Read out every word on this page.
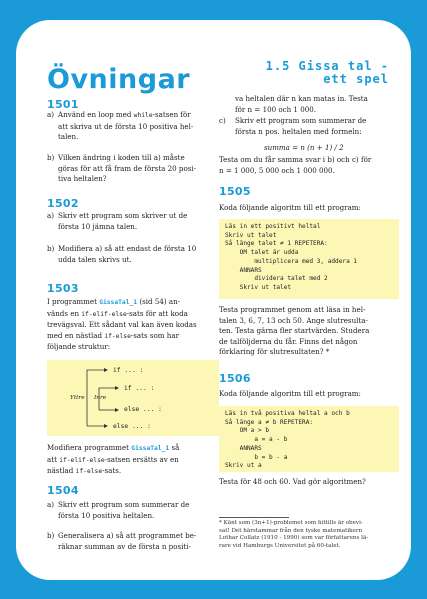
Övningar	1.5 Gissa tal -
ett spel
1501
a) Använd en loop med while-satsen för
att skriva ut de första 10 positiva hel-
talen.
b) Vilken ändring i koden till a) måste
göras för att få fram de första 20 posi-
tiva heltalen?
1502
a) Skriv ett program som skriver ut de
första 10 jämna talen.
b) Modifiera a) så att endast de första 10
udda talen skrivs ut.
1503
I programmet GissaTal_1 (sid 54) an-
vänds en if-elif-else-sats för att koda
trevägsval. Ett sådant val kan även kodas
med en nästlad if-else-sats som har
följande struktur:
if ... :
if ... :
else ... :
else ... :
Yttre Inre
Modifiera programmet GissaTal_1 så
att if-elif-else-satsen ersätts av en
nästlad if-else-sats.
1504
a) Skriv ett program som summerar de
första 10 positiva heltalen.
b) Generalisera a) så att programmet be-
räknar summan av de första n positi-
va heltalen där n kan matas in. Testa
för n = 100 och 1 000.
c) Skriv ett program som summerar de
första n pos. heltalen med formeln:
summa = n (n + 1) / 2
Testa om du får samma svar i b) och c) för
n = 1 000, 5 000 och 1 000 000.
1505
Koda följande algoritm till ett program:
Läs in ett positivt heltal
Skriv ut talet
Så länge talet ≠ 1 REPETERA:
OM talet är udda
multiplicera med 3, addera 1
ANNARS
dividera talet med 2
Skriv ut talet
Testa programmet genom att läsa in hel-
talen 3, 6, 7, 13 och 50. Ange slutresulta-
ten. Testa gärna fler startvärden. Studera
de talföljderna du får. Finns det någon
förklaring för slutresultaten? *
1506
Koda följande algoritm till ett program:
Läs in två positiva heltal a och b
Så länge a ≠ b REPETERA:
OM a > b
a = a - b
ANNARS
b = b - a
Skriv ut a
Testa för 48 och 60. Vad gör algoritmen?
* Känt som (3n+1)-problemet som hittills är obevi-
sat! Det härstammar från den tyske matematikern
Lothar Collatz (1910 - 1990) som var författarens lä-
rare vid Hamburgs Universitet på 60-talet.
